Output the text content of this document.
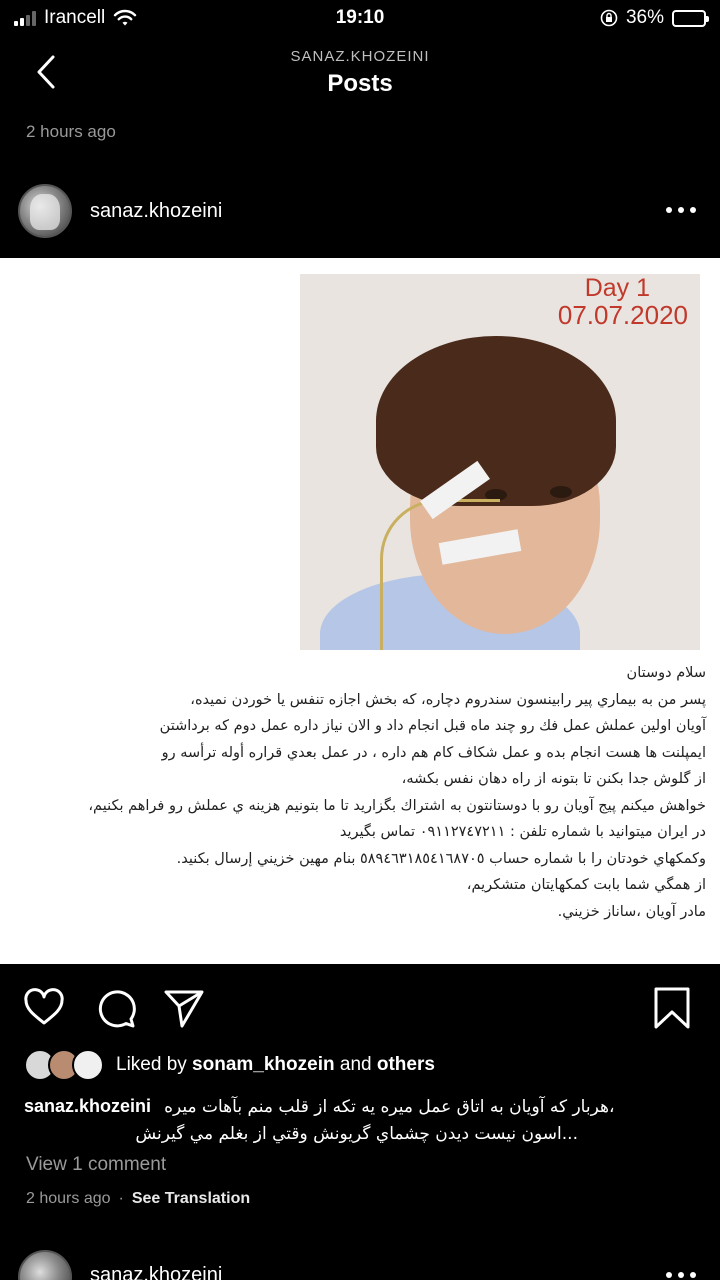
Irancell	19:10	36%
SANAZ.KHOZEINI
Posts
2 hours ago
sanaz.khozeini
Day 1
07.07.2020
سلام دوستان
پسر من به بيماري پير رابينسون سندروم دچاره، كه بخش اجازه تنفس يا خوردن نميده،
آويان اولين عملش عمل فك رو چند ماه قبل انجام داد و الان نياز داره عمل دوم كه برداشتن
ايمپلنت ها هست انجام بده و عمل شكاف كام هم داره ، در عمل بعدي قراره أوله ترأسه رو
از گلوش جدا بكنن تا بتونه از راه دهان نفس بكشه،
خواهش ميكنم پيج آويان رو با دوستانتون به اشتراك بگزاريد تا ما بتونيم هزينه ي عملش رو فراهم بكنيم،
در ايران ميتوانيد با شماره تلفن : ٠٩١١٢٧٤٧٢١١ تماس بگيريد
وكمكهاي خودتان را با شماره حساب ٥٨٩٤٦٣١٨٥٤١٦٨٧٠٥ بنام مهين خزيني إرسال بكنيد.
از همگي شما بابت كمكهايتان متشكريم،
مادر آويان ،ساناز خزيني.
Liked by sonam_khozein and others
sanaz.khozeini هربار كه آويان به اتاق عمل ميره يه تكه از قلب منم بآهات ميره،
...اسون نيست ديدن چشماي گريونش وقتي از بغلم مي گيرنش
View 1 comment
2 hours ago · See Translation
sanaz.khozeini
